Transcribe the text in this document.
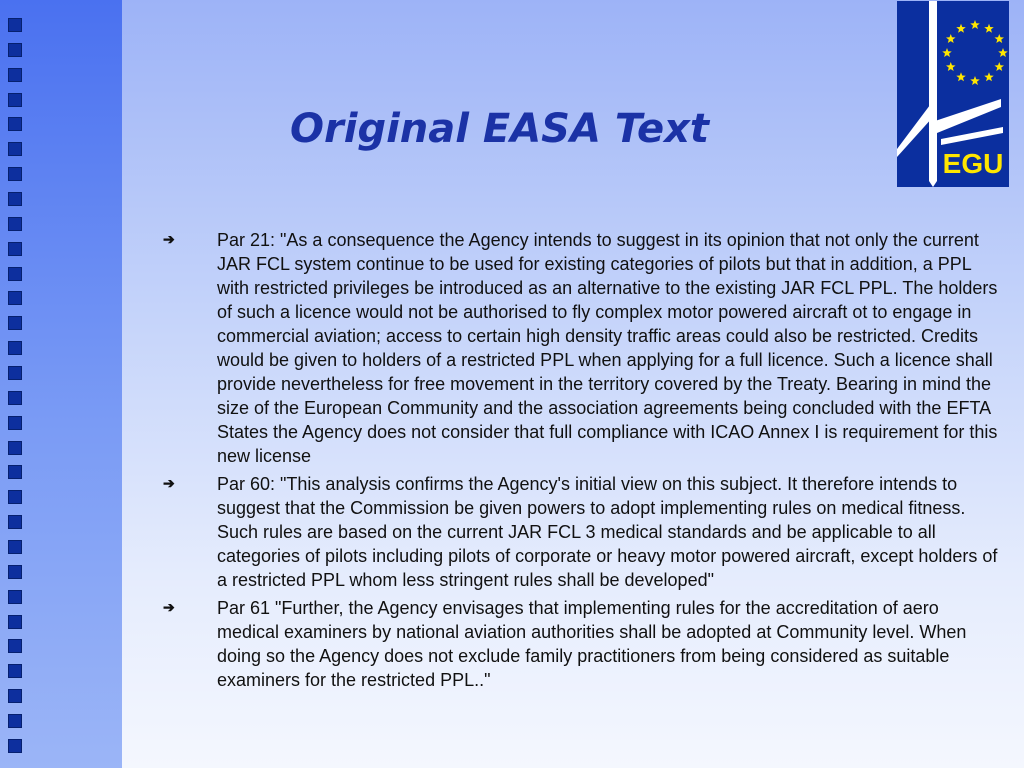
Original EASA Text
EGU
➔	Par 21: "As a consequence the Agency intends to suggest in its opinion that not only the current JAR FCL system continue to be used for existing categories of pilots but that in addition, a PPL with restricted privileges be introduced as an alternative to the existing JAR FCL PPL. The holders of such a licence would not be authorised to fly complex motor powered aircraft ot to engage in commercial aviation; access to certain high density traffic areas could also be restricted. Credits would be given to holders of a restricted PPL when applying for a full licence. Such a licence shall provide nevertheless for free movement in the territory covered by the Treaty. Bearing in mind the size of the European Community and the association agreements being concluded with the EFTA States the Agency does not consider that full compliance with ICAO Annex I is requirement for this new license
➔	Par 60: "This analysis confirms the Agency's initial view on this subject. It therefore intends to suggest that the Commission be given powers to adopt implementing rules on medical fitness. Such rules are based on the current JAR FCL 3 medical standards and be applicable to all categories of pilots including pilots of corporate or heavy motor powered aircraft, except holders of a restricted PPL whom less stringent rules shall be developed"
➔	Par 61 "Further, the Agency envisages that implementing rules for the accreditation of aero medical examiners by national aviation authorities shall be adopted at Community level. When doing so the Agency does not exclude family practitioners from being considered as suitable examiners for the restricted PPL.."
